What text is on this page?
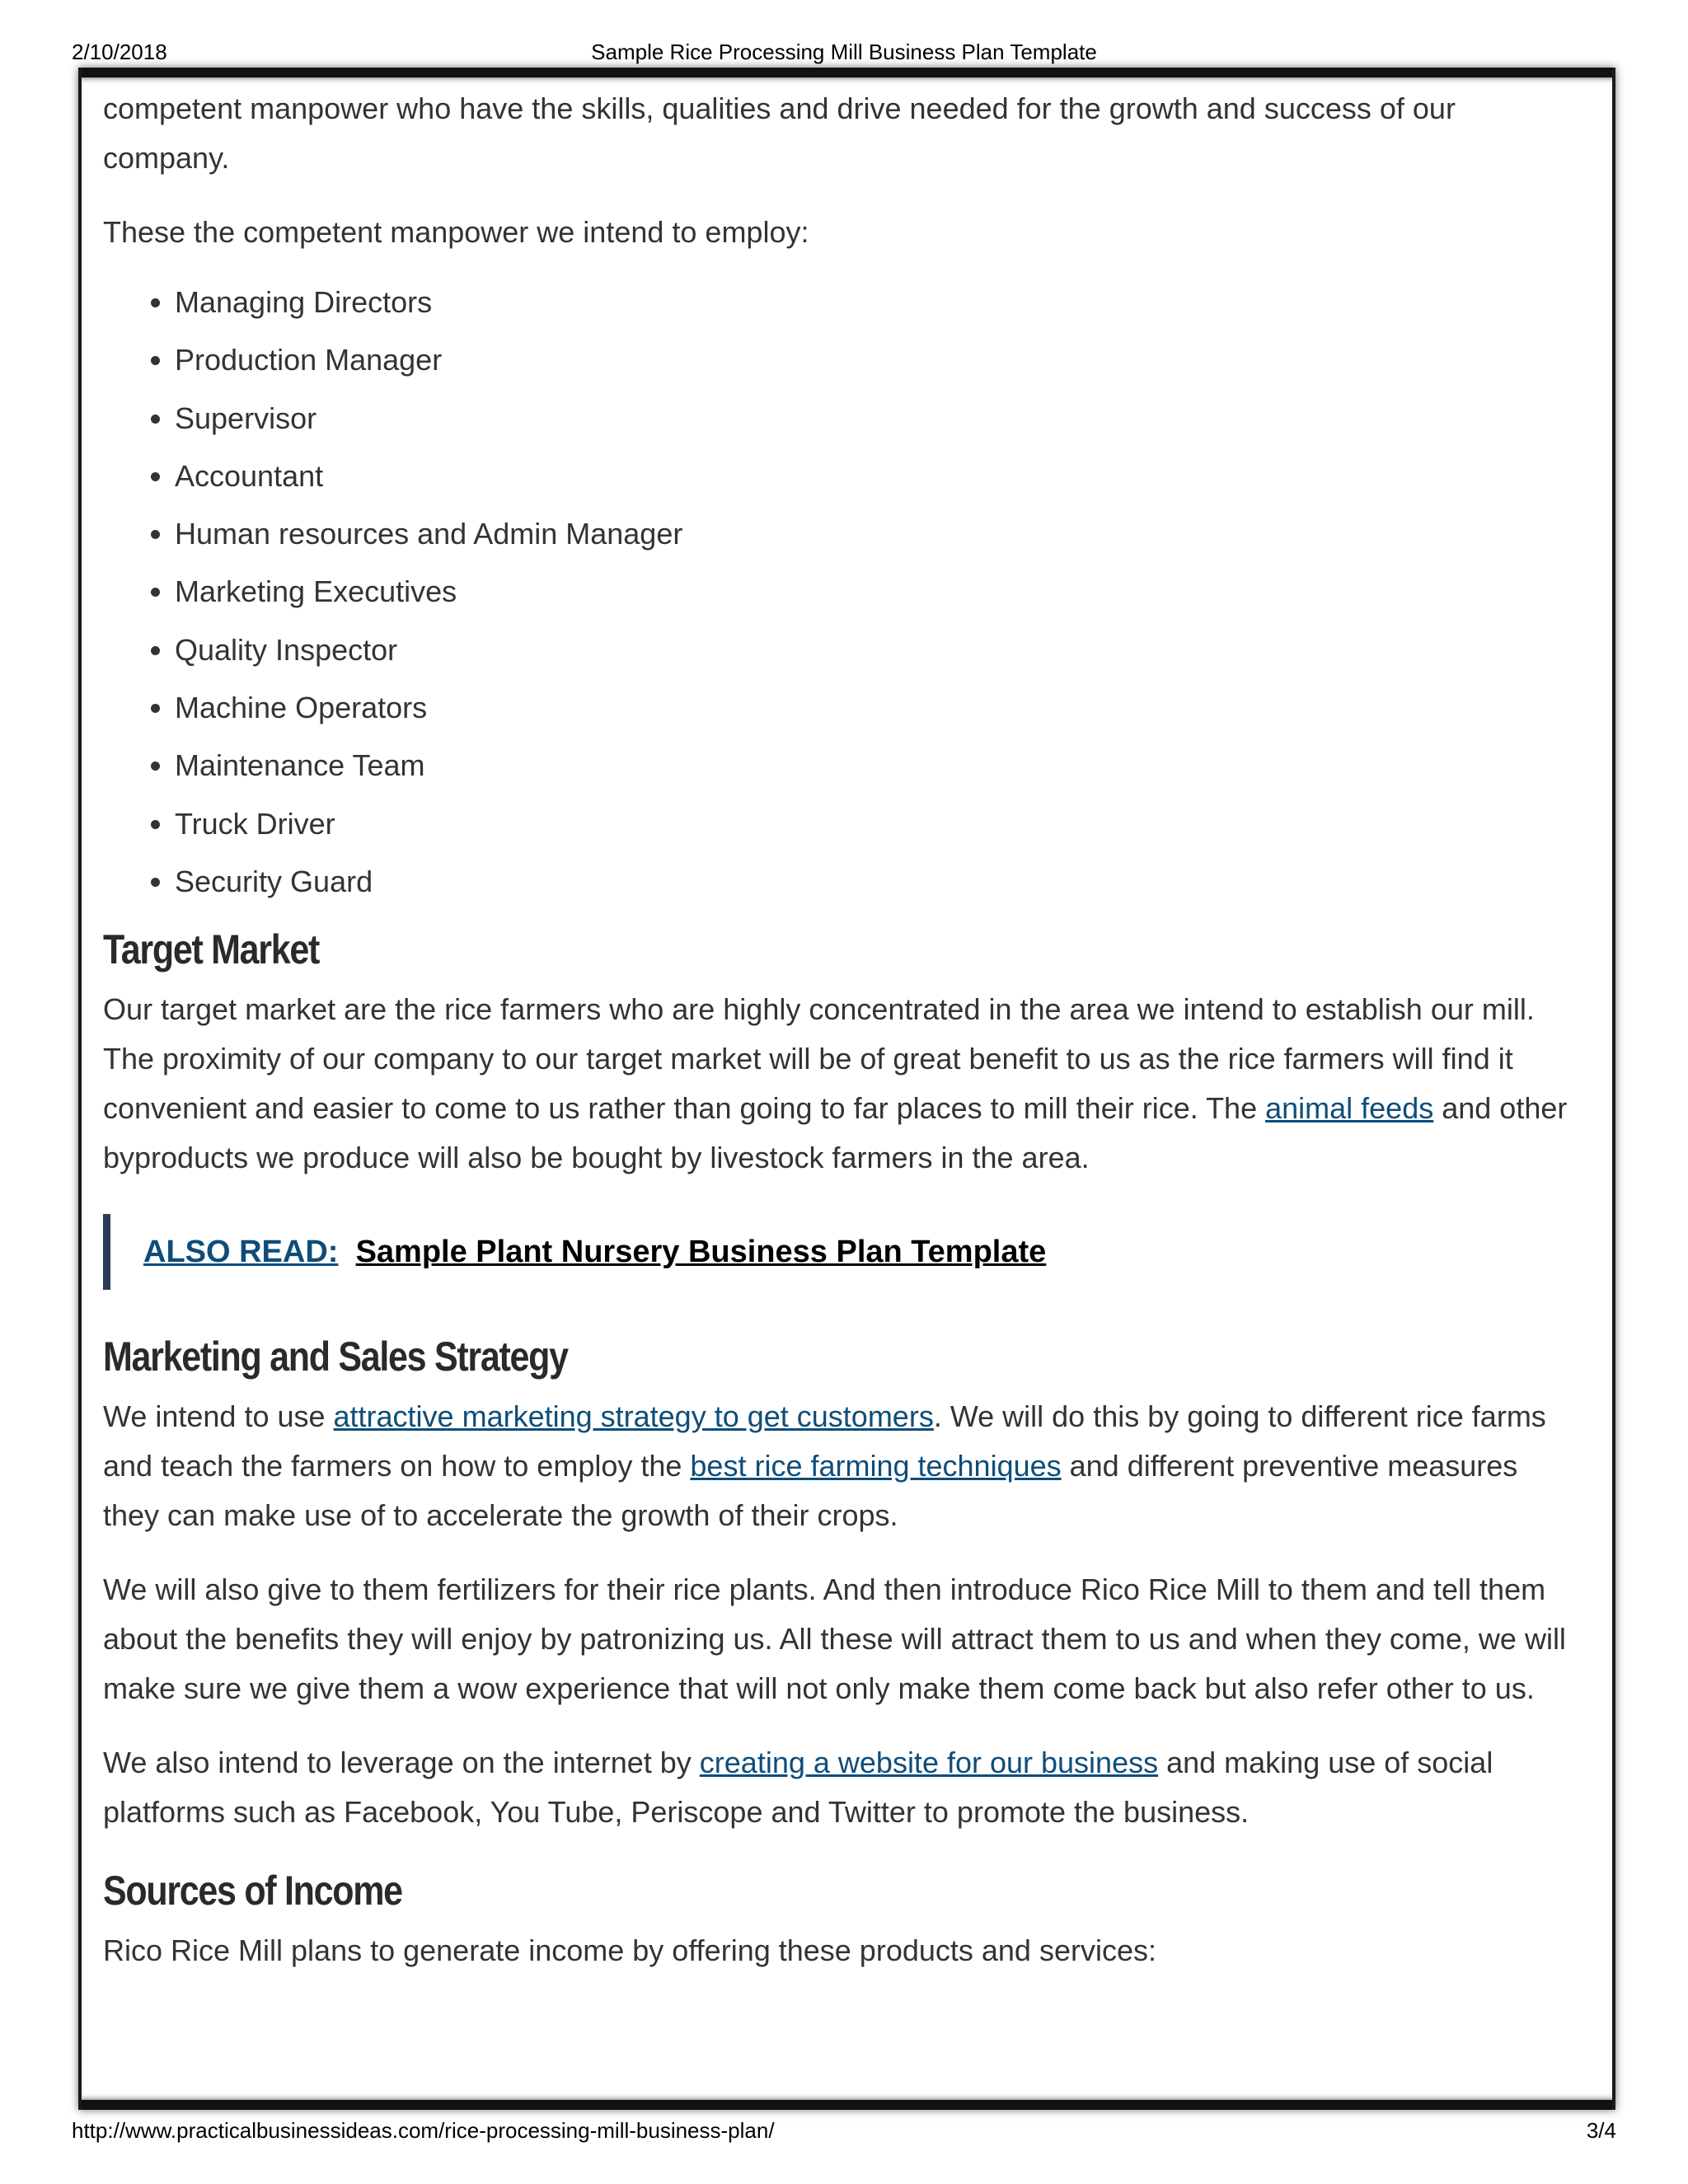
2/10/2018	Sample Rice Processing Mill Business Plan Template

competent manpower who have the skills, qualities and drive needed for the growth and success of our company.

These the competent manpower we intend to employ:

• Managing Directors
• Production Manager
• Supervisor
• Accountant
• Human resources and Admin Manager
• Marketing Executives
• Quality Inspector
• Machine Operators
• Maintenance Team
• Truck Driver
• Security Guard
Target Market

Our target market are the rice farmers who are highly concentrated in the area we intend to establish our mill. The proximity of our company to our target market will be of great benefit to us as the rice farmers will find it convenient and easier to come to us rather than going to far places to mill their rice. The animal feeds and other byproducts we produce will also be bought by livestock farmers in the area.

ALSO READ: Sample Plant Nursery Business Plan Template
Marketing and Sales Strategy

We intend to use attractive marketing strategy to get customers. We will do this by going to different rice farms and teach the farmers on how to employ the best rice farming techniques and different preventive measures they can make use of to accelerate the growth of their crops.

We will also give to them fertilizers for their rice plants. And then introduce Rico Rice Mill to them and tell them about the benefits they will enjoy by patronizing us. All these will attract them to us and when they come, we will make sure we give them a wow experience that will not only make them come back but also refer other to us.

We also intend to leverage on the internet by creating a website for our business and making use of social platforms such as Facebook, You Tube, Periscope and Twitter to promote the business.

Sources of Income

Rico Rice Mill plans to generate income by offering these products and services:

http://www.practicalbusinessideas.com/rice-processing-mill-business-plan/	3/4
